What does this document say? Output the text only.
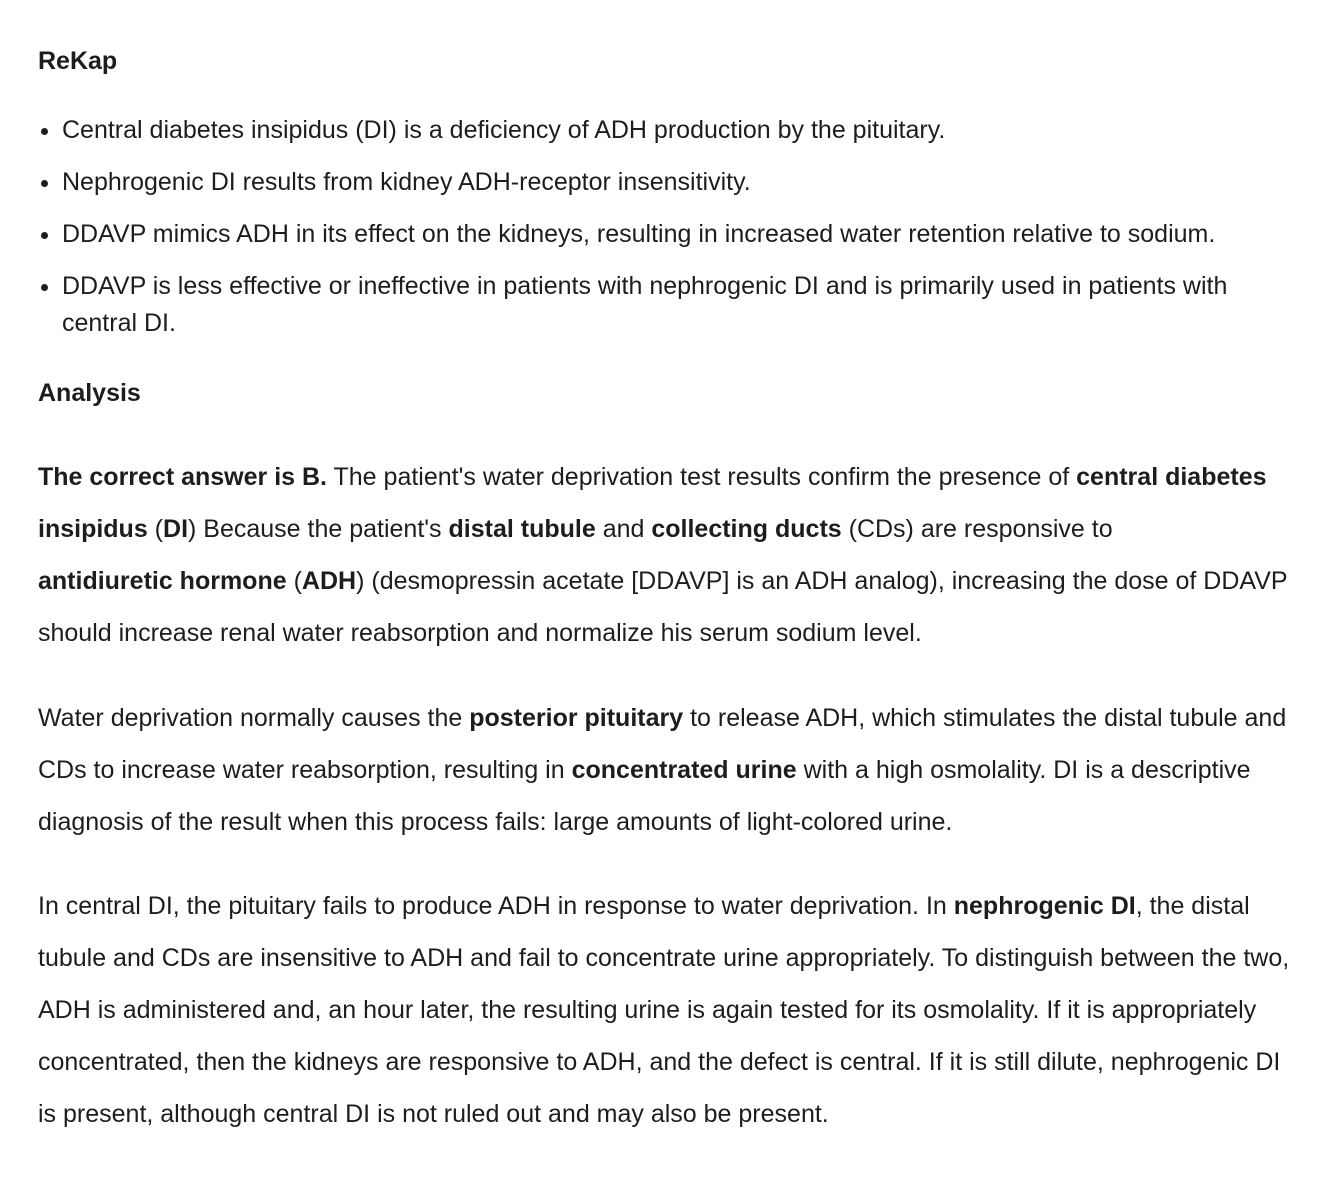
ReKap
Central diabetes insipidus (DI) is a deficiency of ADH production by the pituitary.
Nephrogenic DI results from kidney ADH-receptor insensitivity.
DDAVP mimics ADH in its effect on the kidneys, resulting in increased water retention relative to sodium.
DDAVP is less effective or ineffective in patients with nephrogenic DI and is primarily used in patients with central DI.
Analysis

The correct answer is B. The patient's water deprivation test results confirm the presence of central diabetes insipidus (DI) Because the patient's distal tubule and collecting ducts (CDs) are responsive to
antidiuretic hormone (ADH) (desmopressin acetate [DDAVP] is an ADH analog), increasing the dose of DDAVP should increase renal water reabsorption and normalize his serum sodium level.

Water deprivation normally causes the posterior pituitary to release ADH, which stimulates the distal tubule and CDs to increase water reabsorption, resulting in concentrated urine with a high osmolality. DI is a descriptive diagnosis of the result when this process fails: large amounts of light-colored urine.

In central DI, the pituitary fails to produce ADH in response to water deprivation. In nephrogenic DI, the distal tubule and CDs are insensitive to ADH and fail to concentrate urine appropriately. To distinguish between the two, ADH is administered and, an hour later, the resulting urine is again tested for its osmolality. If it is appropriately concentrated, then the kidneys are responsive to ADH, and the defect is central. If it is still dilute, nephrogenic DI is present, although central DI is not ruled out and may also be present.
